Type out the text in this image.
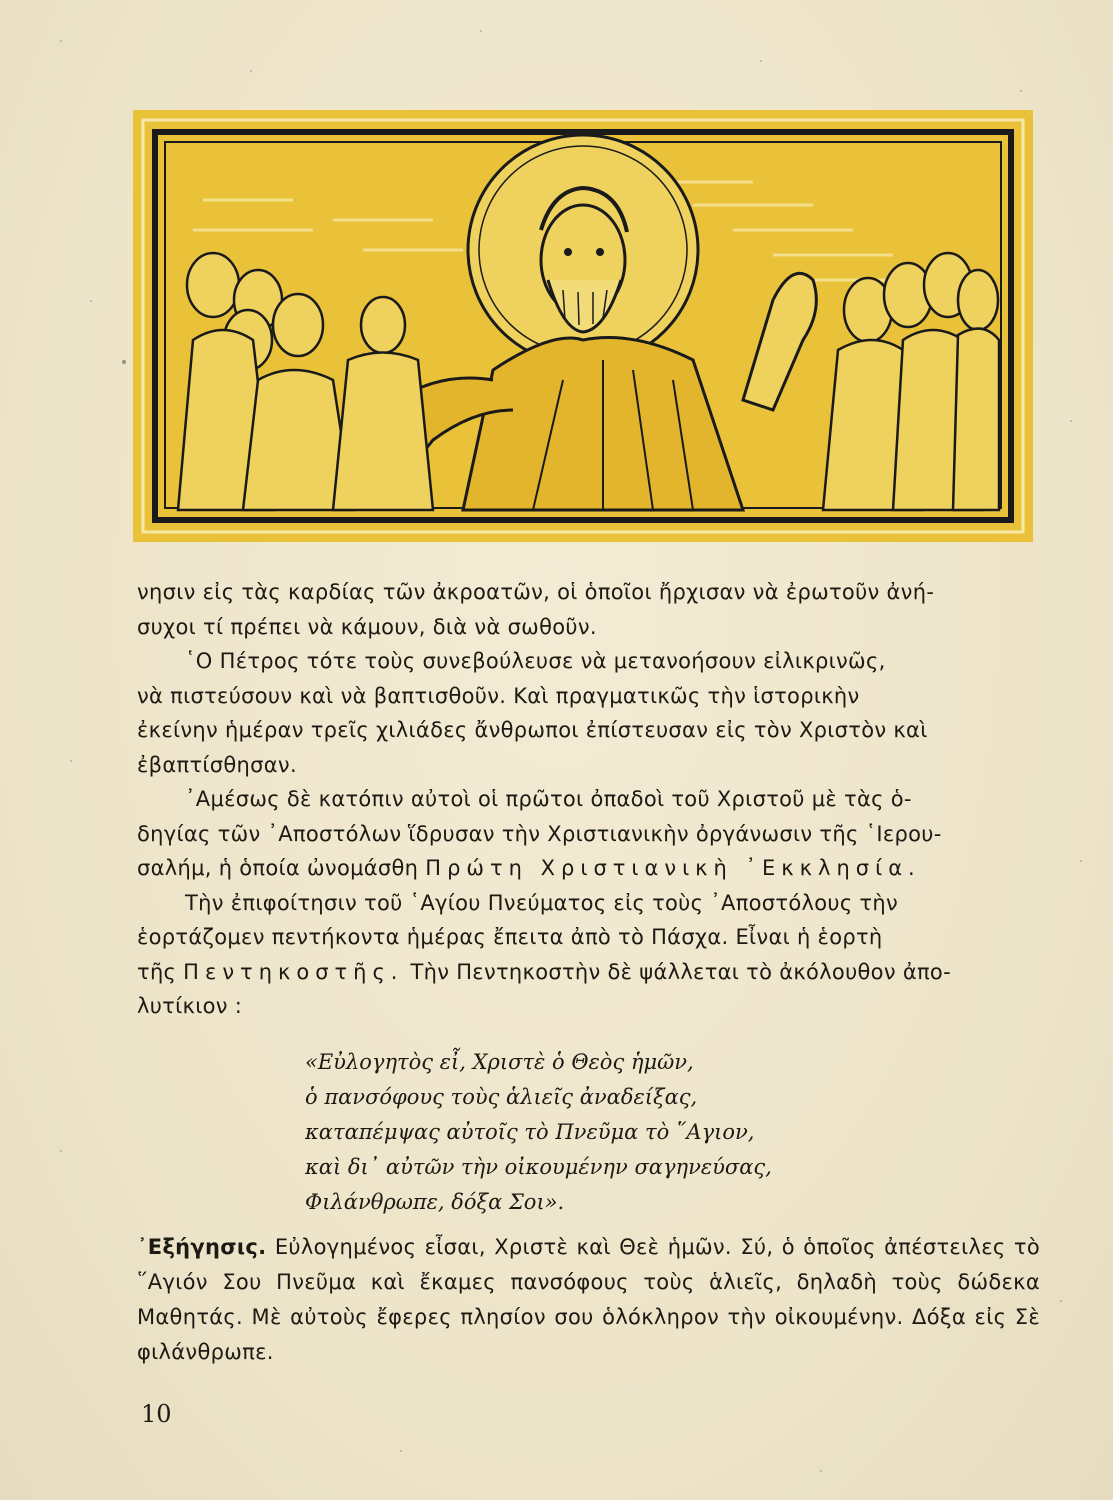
νησιν εἰς τὰς καρδίας τῶν ἀκροατῶν, οἱ ὁποῖοι ἤρχισαν νὰ ἐρωτοῦν ἀνή-
συχοι τί πρέπει νὰ κάμουν, διὰ νὰ σωθοῦν.
῾Ο Πέτρος τότε τοὺς συνεβούλευσε νὰ μετανοήσουν εἰλικρινῶς,
νὰ πιστεύσουν καὶ νὰ βαπτισθοῦν. Καὶ πραγματικῶς τὴν ἱστορικὴν
ἐκείνην ἡμέραν τρεῖς χιλιάδες ἄνθρωποι ἐπίστευσαν εἰς τὸν Χριστὸν καὶ
ἐβαπτίσθησαν.
᾿Αμέσως δὲ κατόπιν αὐτοὶ οἱ πρῶτοι ὀπαδοὶ τοῦ Χριστοῦ μὲ τὰς ὁ-
δηγίας τῶν ᾿Αποστόλων ἵδρυσαν τὴν Χριστιανικὴν ὀργάνωσιν τῆς ῾Ιερου-
σαλήμ, ἡ ὁποία ὠνομάσθη Πρώτη Χριστιανικὴ ᾿Εκκλησία.
Τὴν ἐπιφοίτησιν τοῦ ῾Αγίου Πνεύματος εἰς τοὺς ᾿Αποστόλους τὴν
ἑορτάζομεν πεντήκοντα ἡμέρας ἔπειτα ἀπὸ τὸ Πάσχα. Εἶναι ἡ ἑορτὴ
τῆς Πεντηκοστῆς. Τὴν Πεντηκοστὴν δὲ ψάλλεται τὸ ἀκόλουθον ἀπο-
λυτίκιον :
«Εὐλογητὸς εἶ, Χριστὲ ὁ Θεὸς ἡμῶν,
ὁ πανσόφους τοὺς ἁλιεῖς ἀναδείξας,
καταπέμψας αὐτοῖς τὸ Πνεῦμα τὸ ῞Αγιον,
καὶ δι᾿ αὐτῶν τὴν οἰκουμένην σαγηνεύσας,
Φιλάνθρωπε, δόξα Σοι».
᾿Εξήγησις. Εὐλογημένος εἶσαι, Χριστὲ καὶ Θεὲ ἡμῶν. Σύ, ὁ ὁποῖος ἀπέστειλες τὸ ῞Αγιόν Σου Πνεῦμα καὶ ἔκαμες πανσόφους τοὺς ἁλιεῖς, δηλαδὴ τοὺς δώδεκα Μαθητάς. Μὲ αὐτοὺς ἔφερες πλησίον σου ὁλόκληρον τὴν οἰκουμένην. Δόξα εἰς Σὲ φιλάνθρωπε.
10
